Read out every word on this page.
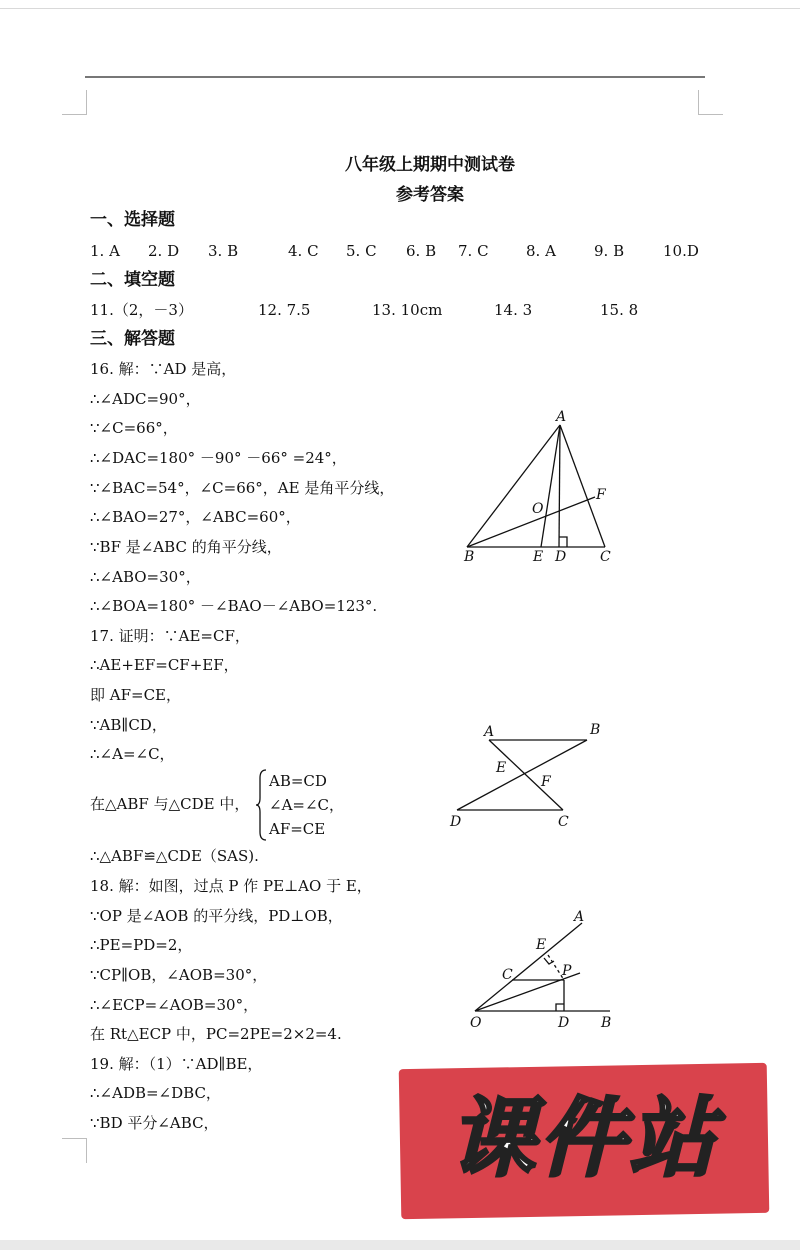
八年级上期期中测试卷
参考答案
一、选择题
1. A 2. D 3. B	4. C 5. C 6. B 7. C 8. A	9. B	10.D
二、填空题
11.（2，－3）	12. 7.5	13. 10cm	14. 3	15. 8
三、解答题
16. 解：∵AD 是高，
∴∠ADC=90°，
∵∠C=66°，
∴∠DAC=180° －90° －66° =24°，
∵∠BAC=54°，∠C=66°，AE 是角平分线，
∴∠BAO=27°，∠ABC=60°，
∵BF 是∠ABC 的角平分线，
∴∠ABO=30°，
∴∠BOA=180° －∠BAO－∠ABO=123°.
17. 证明：∵AE=CF，
∴AE+EF=CF+EF，
即 AF=CE，
∵AB∥CD，
∴∠A=∠C，
在△ABF 与△CDE 中，
AB=CD
∠A=∠C，
AF=CE
∴△ABF≌△CDE（SAS).
18. 解：如图，过点 P 作 PE⊥AO 于 E，
∵OP 是∠AOB 的平分线，PD⊥OB，
∴PE=PD=2，
∵CP∥OB，∠AOB=30°，
∴∠ECP=∠AOB=30°，
在 Rt△ECP 中，PC=2PE=2×2=4.
19. 解：（1）∵AD∥BE，
∴∠ADB=∠DBC，
∵BD 平分∠ABC，
A
B	C
D
E
F
O
A	B
C
D
E
F
A
B
C
D
E
O
P
课件站
